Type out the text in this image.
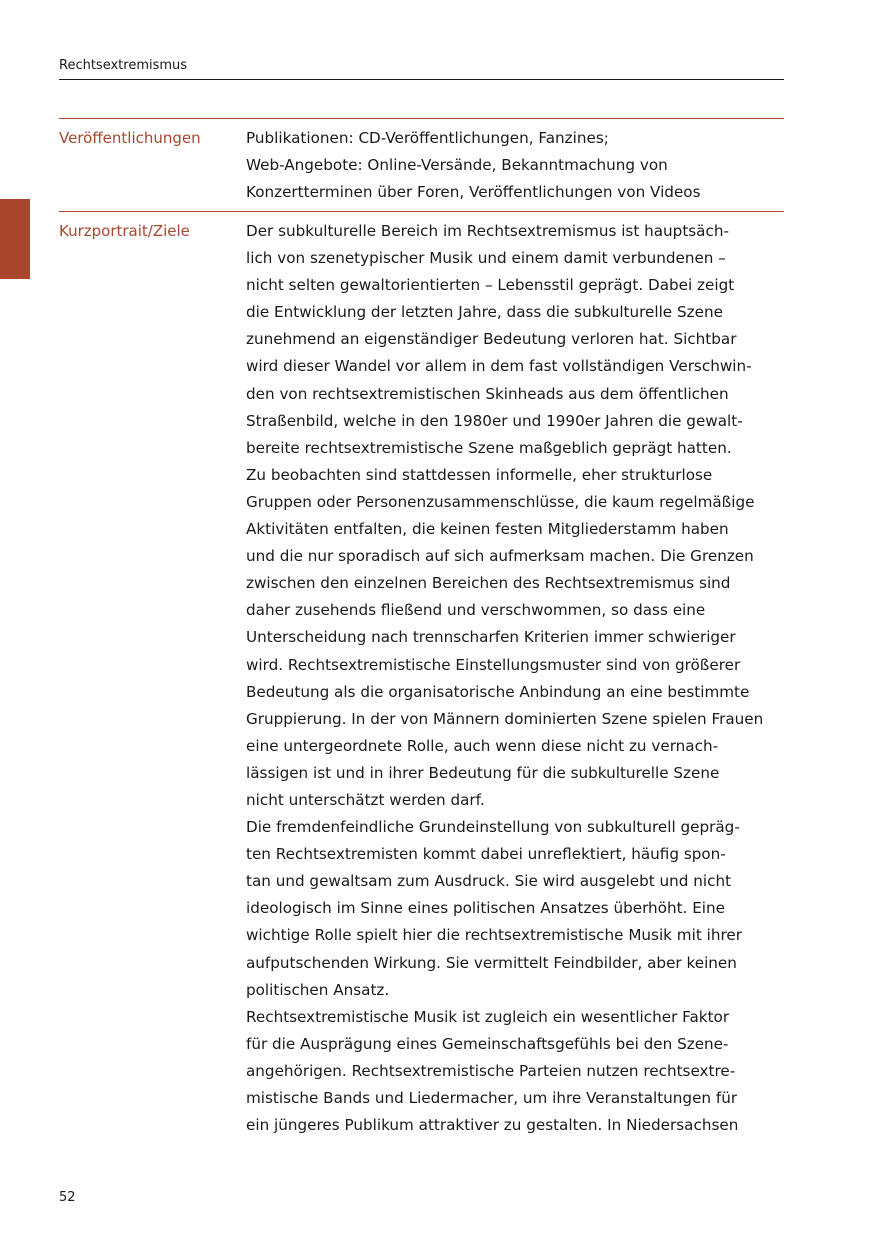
Rechtsextremismus
Veröffentlichungen	Publikationen: CD-Veröffentlichungen, Fanzines;
Web-Angebote: Online-Versände, Bekanntmachung von
Konzertterminen über Foren, Veröffentlichungen von Videos
Kurzportrait/Ziele	Der subkulturelle Bereich im Rechtsextremismus ist hauptsäch-
lich von szenetypischer Musik und einem damit verbundenen –
nicht selten gewaltorientierten – Lebensstil geprägt. Dabei zeigt
die Entwicklung der letzten Jahre, dass die subkulturelle Szene
zunehmend an eigenständiger Bedeutung verloren hat. Sichtbar
wird dieser Wandel vor allem in dem fast vollständigen Verschwin-
den von rechtsextremistischen Skinheads aus dem öffentlichen
Straßenbild, welche in den 1980er und 1990er Jahren die gewalt-
bereite rechtsextremistische Szene maßgeblich geprägt hatten.
Zu beobachten sind stattdessen informelle, eher strukturlose
Gruppen oder Personenzusammenschlüsse, die kaum regelmäßige
Aktivitäten entfalten, die keinen festen Mitgliederstamm haben
und die nur sporadisch auf sich aufmerksam machen. Die Grenzen
zwischen den einzelnen Bereichen des Rechtsextremismus sind
daher zusehends fließend und verschwommen, so dass eine
Unterscheidung nach trennscharfen Kriterien immer schwieriger
wird. Rechtsextremistische Einstellungsmuster sind von größerer
Bedeutung als die organisatorische Anbindung an eine bestimmte
Gruppierung. In der von Männern dominierten Szene spielen Frauen
eine untergeordnete Rolle, auch wenn diese nicht zu vernach-
lässigen ist und in ihrer Bedeutung für die subkulturelle Szene
nicht unterschätzt werden darf.
Die fremdenfeindliche Grundeinstellung von subkulturell gepräg-
ten Rechtsextremisten kommt dabei unreflektiert, häufig spon-
tan und gewaltsam zum Ausdruck. Sie wird ausgelebt und nicht
ideologisch im Sinne eines politischen Ansatzes überhöht. Eine
wichtige Rolle spielt hier die rechtsextremistische Musik mit ihrer
aufputschenden Wirkung. Sie vermittelt Feindbilder, aber keinen
politischen Ansatz.
Rechtsextremistische Musik ist zugleich ein wesentlicher Faktor
für die Ausprägung eines Gemeinschaftsgefühls bei den Szene-
angehörigen. Rechtsextremistische Parteien nutzen rechtsextre-
mistische Bands und Liedermacher, um ihre Veranstaltungen für
ein jüngeres Publikum attraktiver zu gestalten. In Niedersachsen
52
